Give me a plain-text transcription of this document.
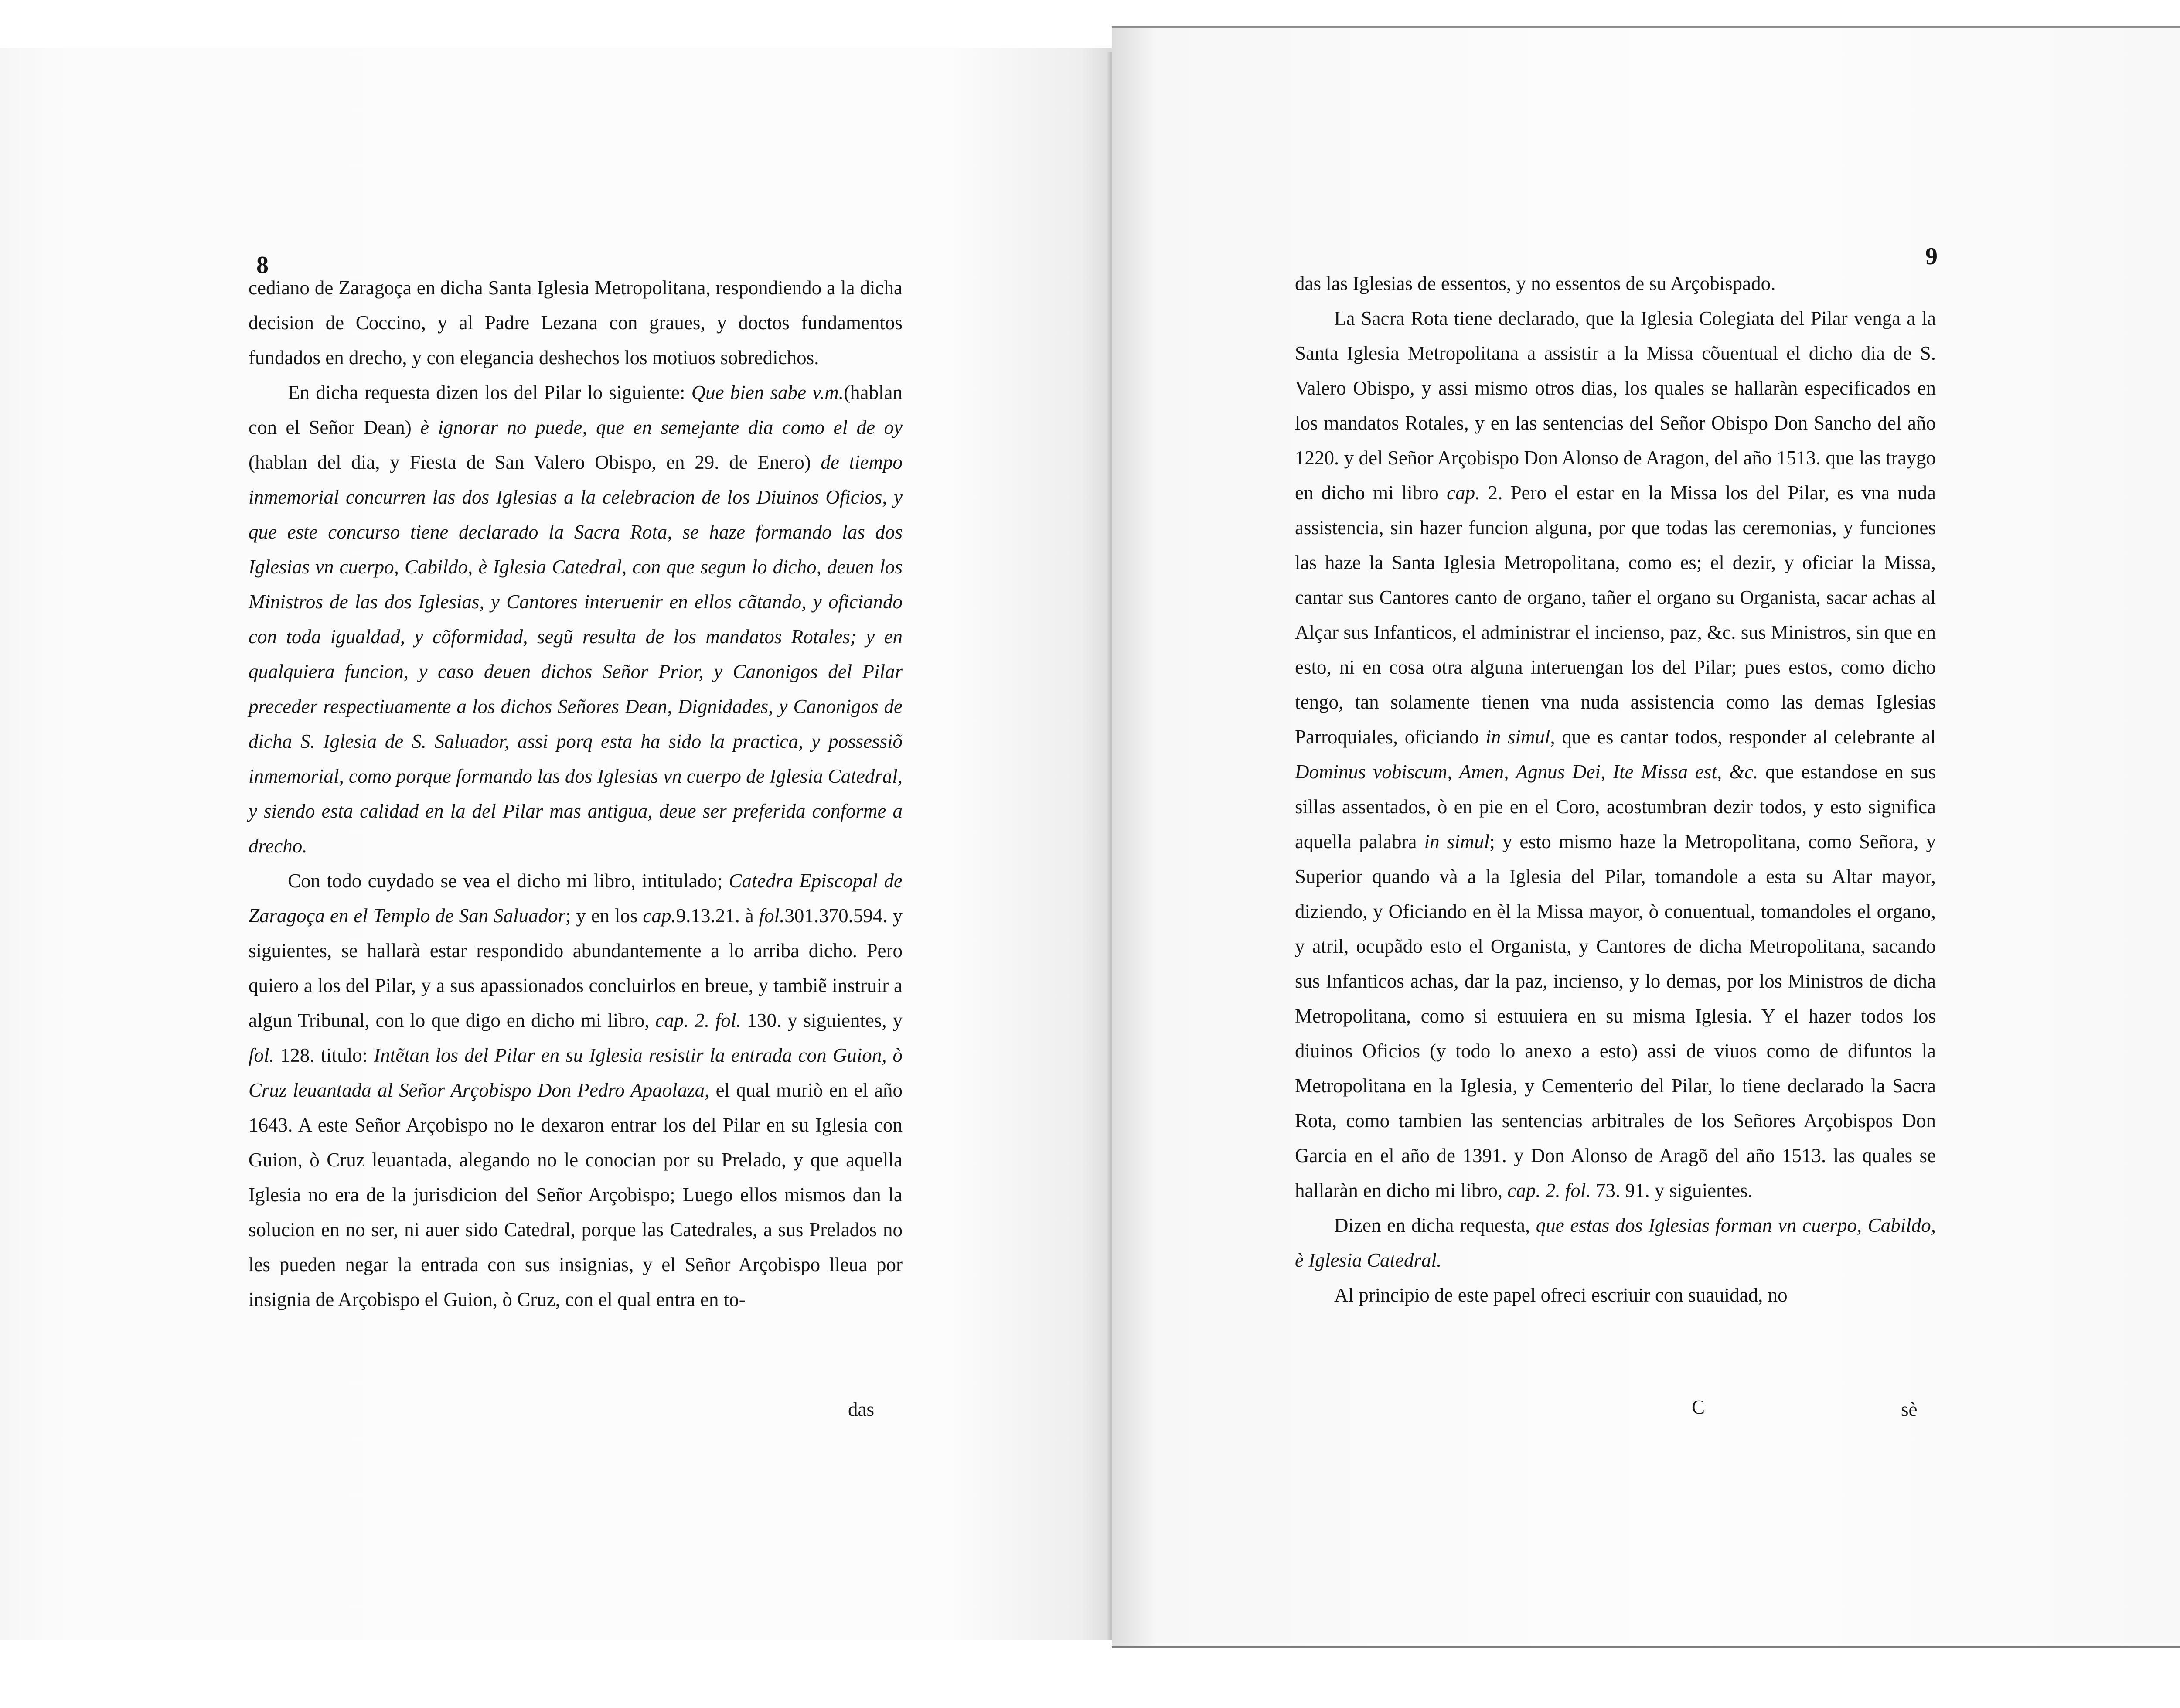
8

cediano de Zaragoça en dicha Santa Iglesia Metropolitana, respondiendo a la dicha decision de Coccino, y al Padre Lezana con graues, y doctos fundamentos fundados en drecho, y con elegancia deshechos los motiuos sobredichos.

En dicha requesta dizen los del Pilar lo siguiente: Que bien sabe v.m.(hablan con el Señor Dean) è ignorar no puede, que en semejante dia como el de oy (hablan del dia, y Fiesta de San Valero Obispo, en 29. de Enero) de tiempo inmemorial concurren las dos Iglesias a la celebracion de los Diuinos Oficios, y que este concurso tiene declarado la Sacra Rota, se haze formando las dos Iglesias vn cuerpo, Cabildo, è Iglesia Catedral, con que segun lo dicho, deuen los Ministros de las dos Iglesias, y Cantores interuenir en ellos cãtando, y oficiando con toda igualdad, y cõformidad, segũ resulta de los mandatos Rotales; y en qualquiera funcion, y caso deuen dichos Señor Prior, y Canonigos del Pilar preceder respectiuamente a los dichos Señores Dean, Dignidades, y Canonigos de dicha S. Iglesia de S. Saluador, assi porq esta ha sido la practica, y possessiõ inmemorial, como porque formando las dos Iglesias vn cuerpo de Iglesia Catedral, y siendo esta calidad en la del Pilar mas antigua, deue ser preferida conforme a drecho.

Con todo cuydado se vea el dicho mi libro, intitulado; Catedra Episcopal de Zaragoça en el Templo de San Saluador; y en los cap.9.13.21. à fol.301.370.594. y siguientes, se hallarà estar respondido abundantemente a lo arriba dicho. Pero quiero a los del Pilar, y a sus apassionados concluirlos en breue, y tambiẽ instruir a algun Tribunal, con lo que digo en dicho mi libro, cap. 2. fol. 130. y siguientes, y fol. 128. titulo: Intẽtan los del Pilar en su Iglesia resistir la entrada con Guion, ò Cruz leuantada al Señor Arçobispo Don Pedro Apaolaza, el qual muriò en el año 1643. A este Señor Arçobispo no le dexaron entrar los del Pilar en su Iglesia con Guion, ò Cruz leuantada, alegando no le conocian por su Prelado, y que aquella Iglesia no era de la jurisdicion del Señor Arçobispo; Luego ellos mismos dan la solucion en no ser, ni auer sido Catedral, porque las Catedrales, a sus Prelados no les pueden negar la entrada con sus insignias, y el Señor Arçobispo lleua por insignia de Arçobispo el Guion, ò Cruz, con el qual entra en to-

das
9

das las Iglesias de essentos, y no essentos de su Arçobispado.

La Sacra Rota tiene declarado, que la Iglesia Colegiata del Pilar venga a la Santa Iglesia Metropolitana a assistir a la Missa cõuentual el dicho dia de S. Valero Obispo, y assi mismo otros dias, los quales se hallaràn especificados en los mandatos Rotales, y en las sentencias del Señor Obispo Don Sancho del año 1220. y del Señor Arçobispo Don Alonso de Aragon, del año 1513. que las traygo en dicho mi libro cap. 2. Pero el estar en la Missa los del Pilar, es vna nuda assistencia, sin hazer funcion alguna, por que todas las ceremonias, y funciones las haze la Santa Iglesia Metropolitana, como es; el dezir, y oficiar la Missa, cantar sus Cantores canto de organo, tañer el organo su Organista, sacar achas al Alçar sus Infanticos, el administrar el incienso, paz, &c. sus Ministros, sin que en esto, ni en cosa otra alguna interuengan los del Pilar; pues estos, como dicho tengo, tan solamente tienen vna nuda assistencia como las demas Iglesias Parroquiales, oficiando in simul, que es cantar todos, responder al celebrante al Dominus vobiscum, Amen, Agnus Dei, Ite Missa est, &c. que estandose en sus sillas assentados, ò en pie en el Coro, acostumbran dezir todos, y esto significa aquella palabra in simul; y esto mismo haze la Metropolitana, como Señora, y Superior quando và a la Iglesia del Pilar, tomandole a esta su Altar mayor, diziendo, y Oficiando en èl la Missa mayor, ò conuentual, tomandoles el organo, y atril, ocupãdo esto el Organista, y Cantores de dicha Metropolitana, sacando sus Infanticos achas, dar la paz, incienso, y lo demas, por los Ministros de dicha Metropolitana, como si estuuiera en su misma Iglesia. Y el hazer todos los diuinos Oficios (y todo lo anexo a esto) assi de viuos como de difuntos la Metropolitana en la Iglesia, y Cementerio del Pilar, lo tiene declarado la Sacra Rota, como tambien las sentencias arbitrales de los Señores Arçobispos Don Garcia en el año de 1391. y Don Alonso de Aragõ del año 1513. las quales se hallaràn en dicho mi libro, cap. 2. fol. 73. 91. y siguientes.

Dizen en dicha requesta, que estas dos Iglesias forman vn cuerpo, Cabildo, è Iglesia Catedral.

Al principio de este papel ofreci escriuir con suauidad, no

C	sè
